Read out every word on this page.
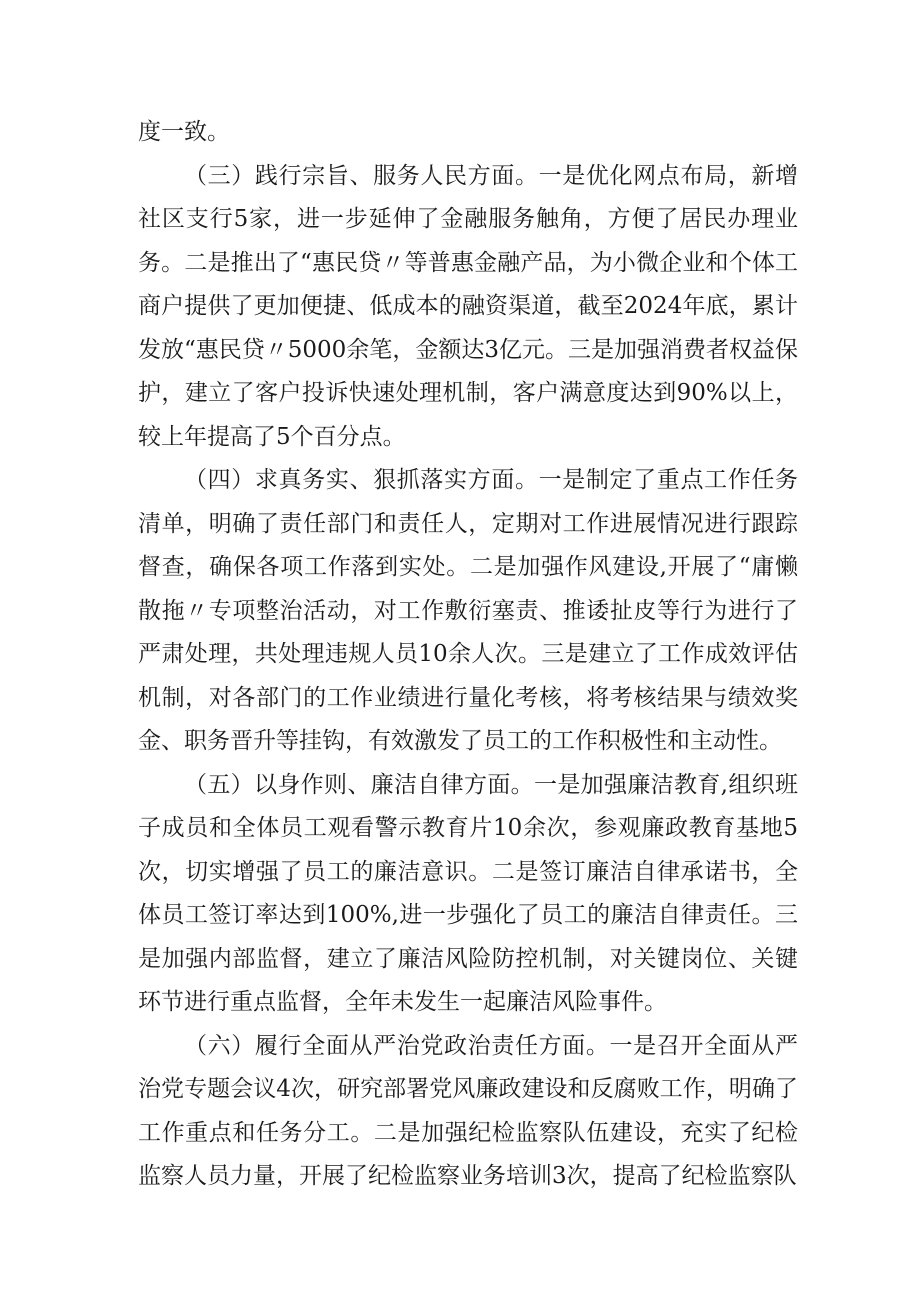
度一致。

（三）践行宗旨、服务人民方面。一是优化网点布局，新增社区支行5家，进一步延伸了金融服务触角，方便了居民办理业务。二是推出了“惠民贷〃等普惠金融产品，为小微企业和个体工商户提供了更加便捷、低成本的融资渠道，截至2024年底，累计发放“惠民贷〃5000余笔，金额达3亿元。三是加强消费者权益保护，建立了客户投诉快速处理机制，客户满意度达到90%以上，较上年提高了5个百分点。

（四）求真务实、狠抓落实方面。一是制定了重点工作任务清单，明确了责任部门和责任人，定期对工作进展情况进行跟踪督查，确保各项工作落到实处。二是加强作风建设,开展了“庸懒散拖〃专项整治活动，对工作敷衍塞责、推诿扯皮等行为进行了严肃处理，共处理违规人员10余人次。三是建立了工作成效评估机制，对各部门的工作业绩进行量化考核，将考核结果与绩效奖金、职务晋升等挂钩，有效激发了员工的工作积极性和主动性。

（五）以身作则、廉洁自律方面。一是加强廉洁教育,组织班子成员和全体员工观看警示教育片10余次，参观廉政教育基地5次，切实增强了员工的廉洁意识。二是签订廉洁自律承诺书，全体员工签订率达到100%,进一步强化了员工的廉洁自律责任。三是加强内部监督，建立了廉洁风险防控机制，对关键岗位、关键环节进行重点监督，全年未发生一起廉洁风险事件。

（六）履行全面从严治党政治责任方面。一是召开全面从严治党专题会议4次，研究部署党风廉政建设和反腐败工作，明确了工作重点和任务分工。二是加强纪检监察队伍建设，充实了纪检监察人员力量，开展了纪检监察业务培训3次，提高了纪检监察队
